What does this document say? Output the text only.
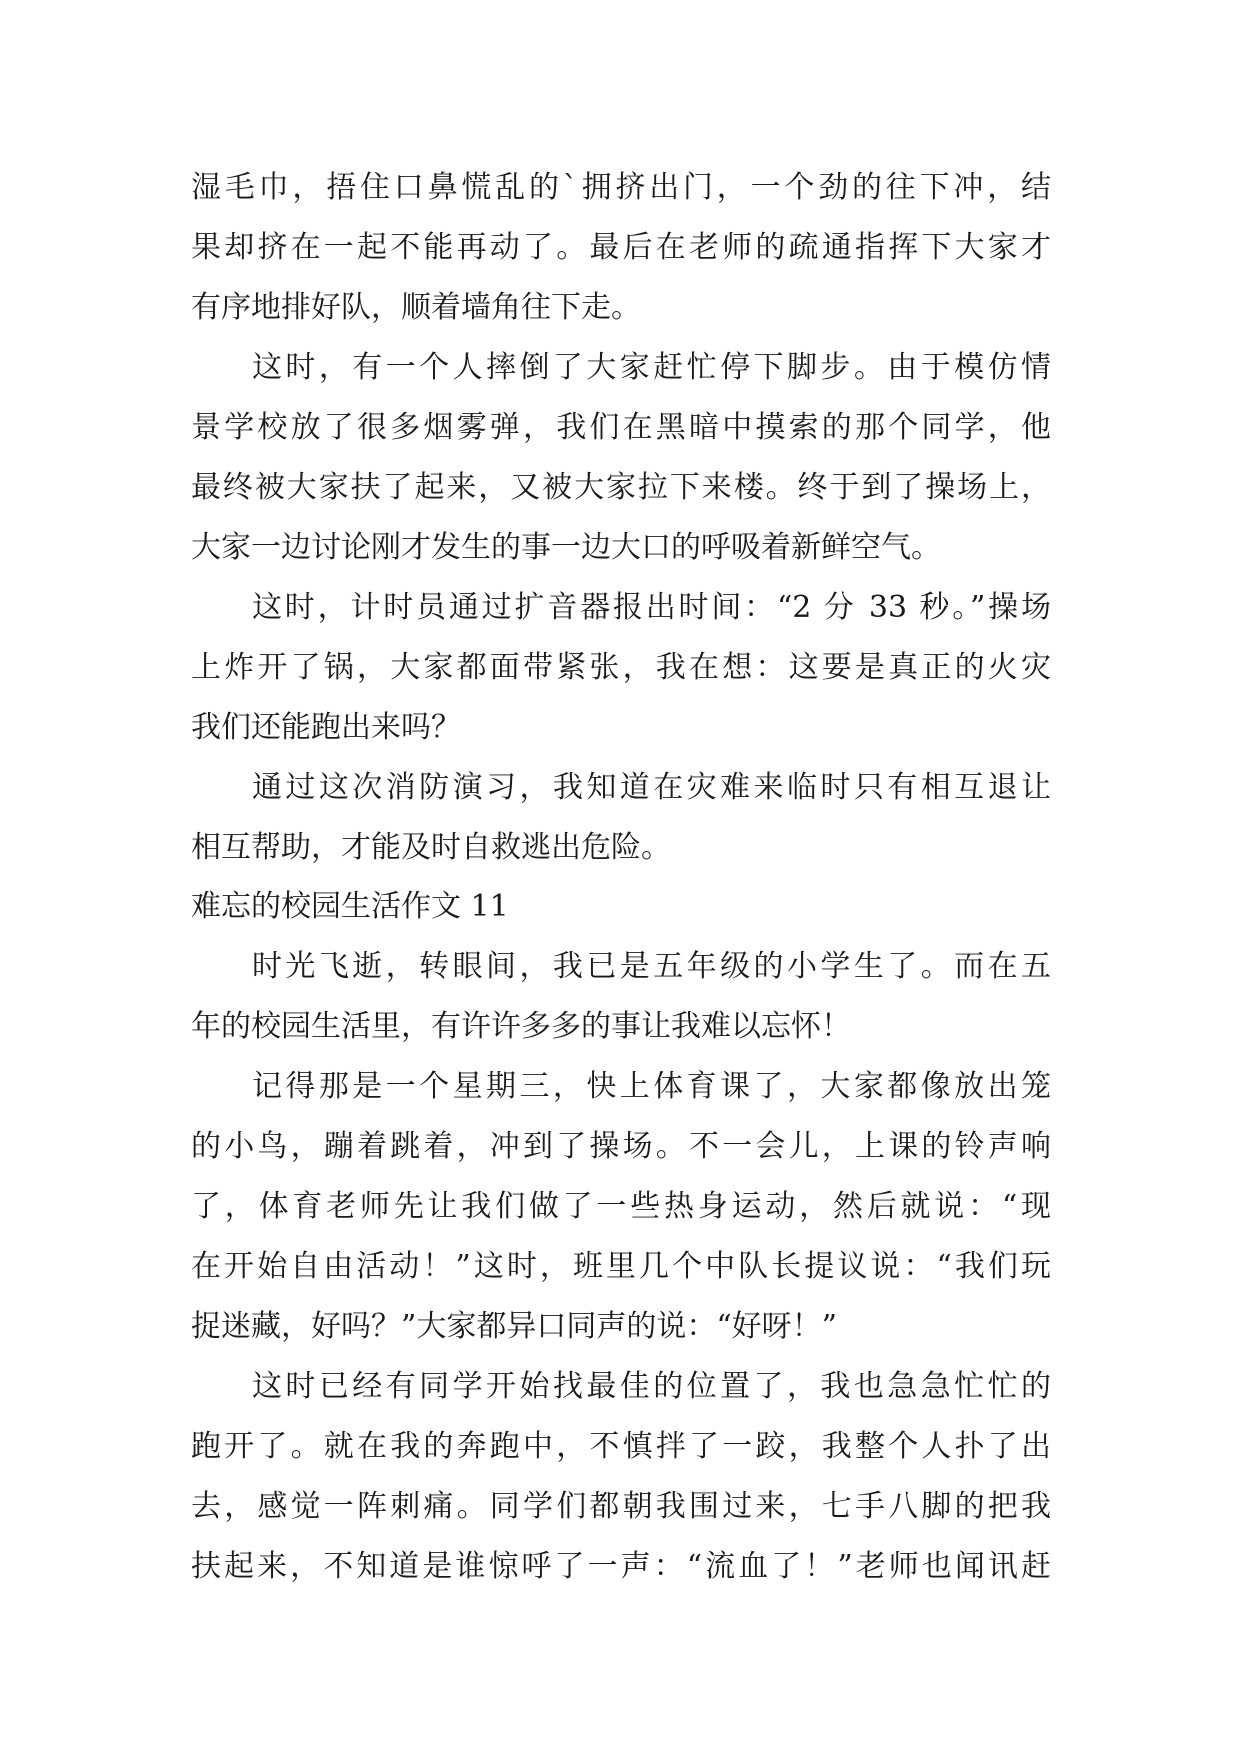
湿毛巾，捂住口鼻慌乱的`拥挤出门，一个劲的往下冲，结
果却挤在一起不能再动了。最后在老师的疏通指挥下大家才
有序地排好队，顺着墙角往下走。
这时，有一个人摔倒了大家赶忙停下脚步。由于模仿情
景学校放了很多烟雾弹，我们在黑暗中摸索的那个同学，他
最终被大家扶了起来，又被大家拉下来楼。终于到了操场上，
大家一边讨论刚才发生的事一边大口的呼吸着新鲜空气。
这时，计时员通过扩音器报出时间：“2 分 33 秒。”操场
上炸开了锅，大家都面带紧张，我在想：这要是真正的火灾
我们还能跑出来吗？
通过这次消防演习，我知道在灾难来临时只有相互退让
相互帮助，才能及时自救逃出危险。
难忘的校园生活作文 11
时光飞逝，转眼间，我已是五年级的小学生了。而在五
年的校园生活里，有许许多多的事让我难以忘怀！
记得那是一个星期三，快上体育课了，大家都像放出笼
的小鸟，蹦着跳着，冲到了操场。不一会儿，上课的铃声响
了，体育老师先让我们做了一些热身运动，然后就说：“现
在开始自由活动！”这时，班里几个中队长提议说：“我们玩
捉迷藏，好吗？”大家都异口同声的说：“好呀！”
这时已经有同学开始找最佳的位置了，我也急急忙忙的
跑开了。就在我的奔跑中，不慎拌了一跤，我整个人扑了出
去，感觉一阵刺痛。同学们都朝我围过来，七手八脚的把我
扶起来，不知道是谁惊呼了一声：“流血了！”老师也闻讯赶
